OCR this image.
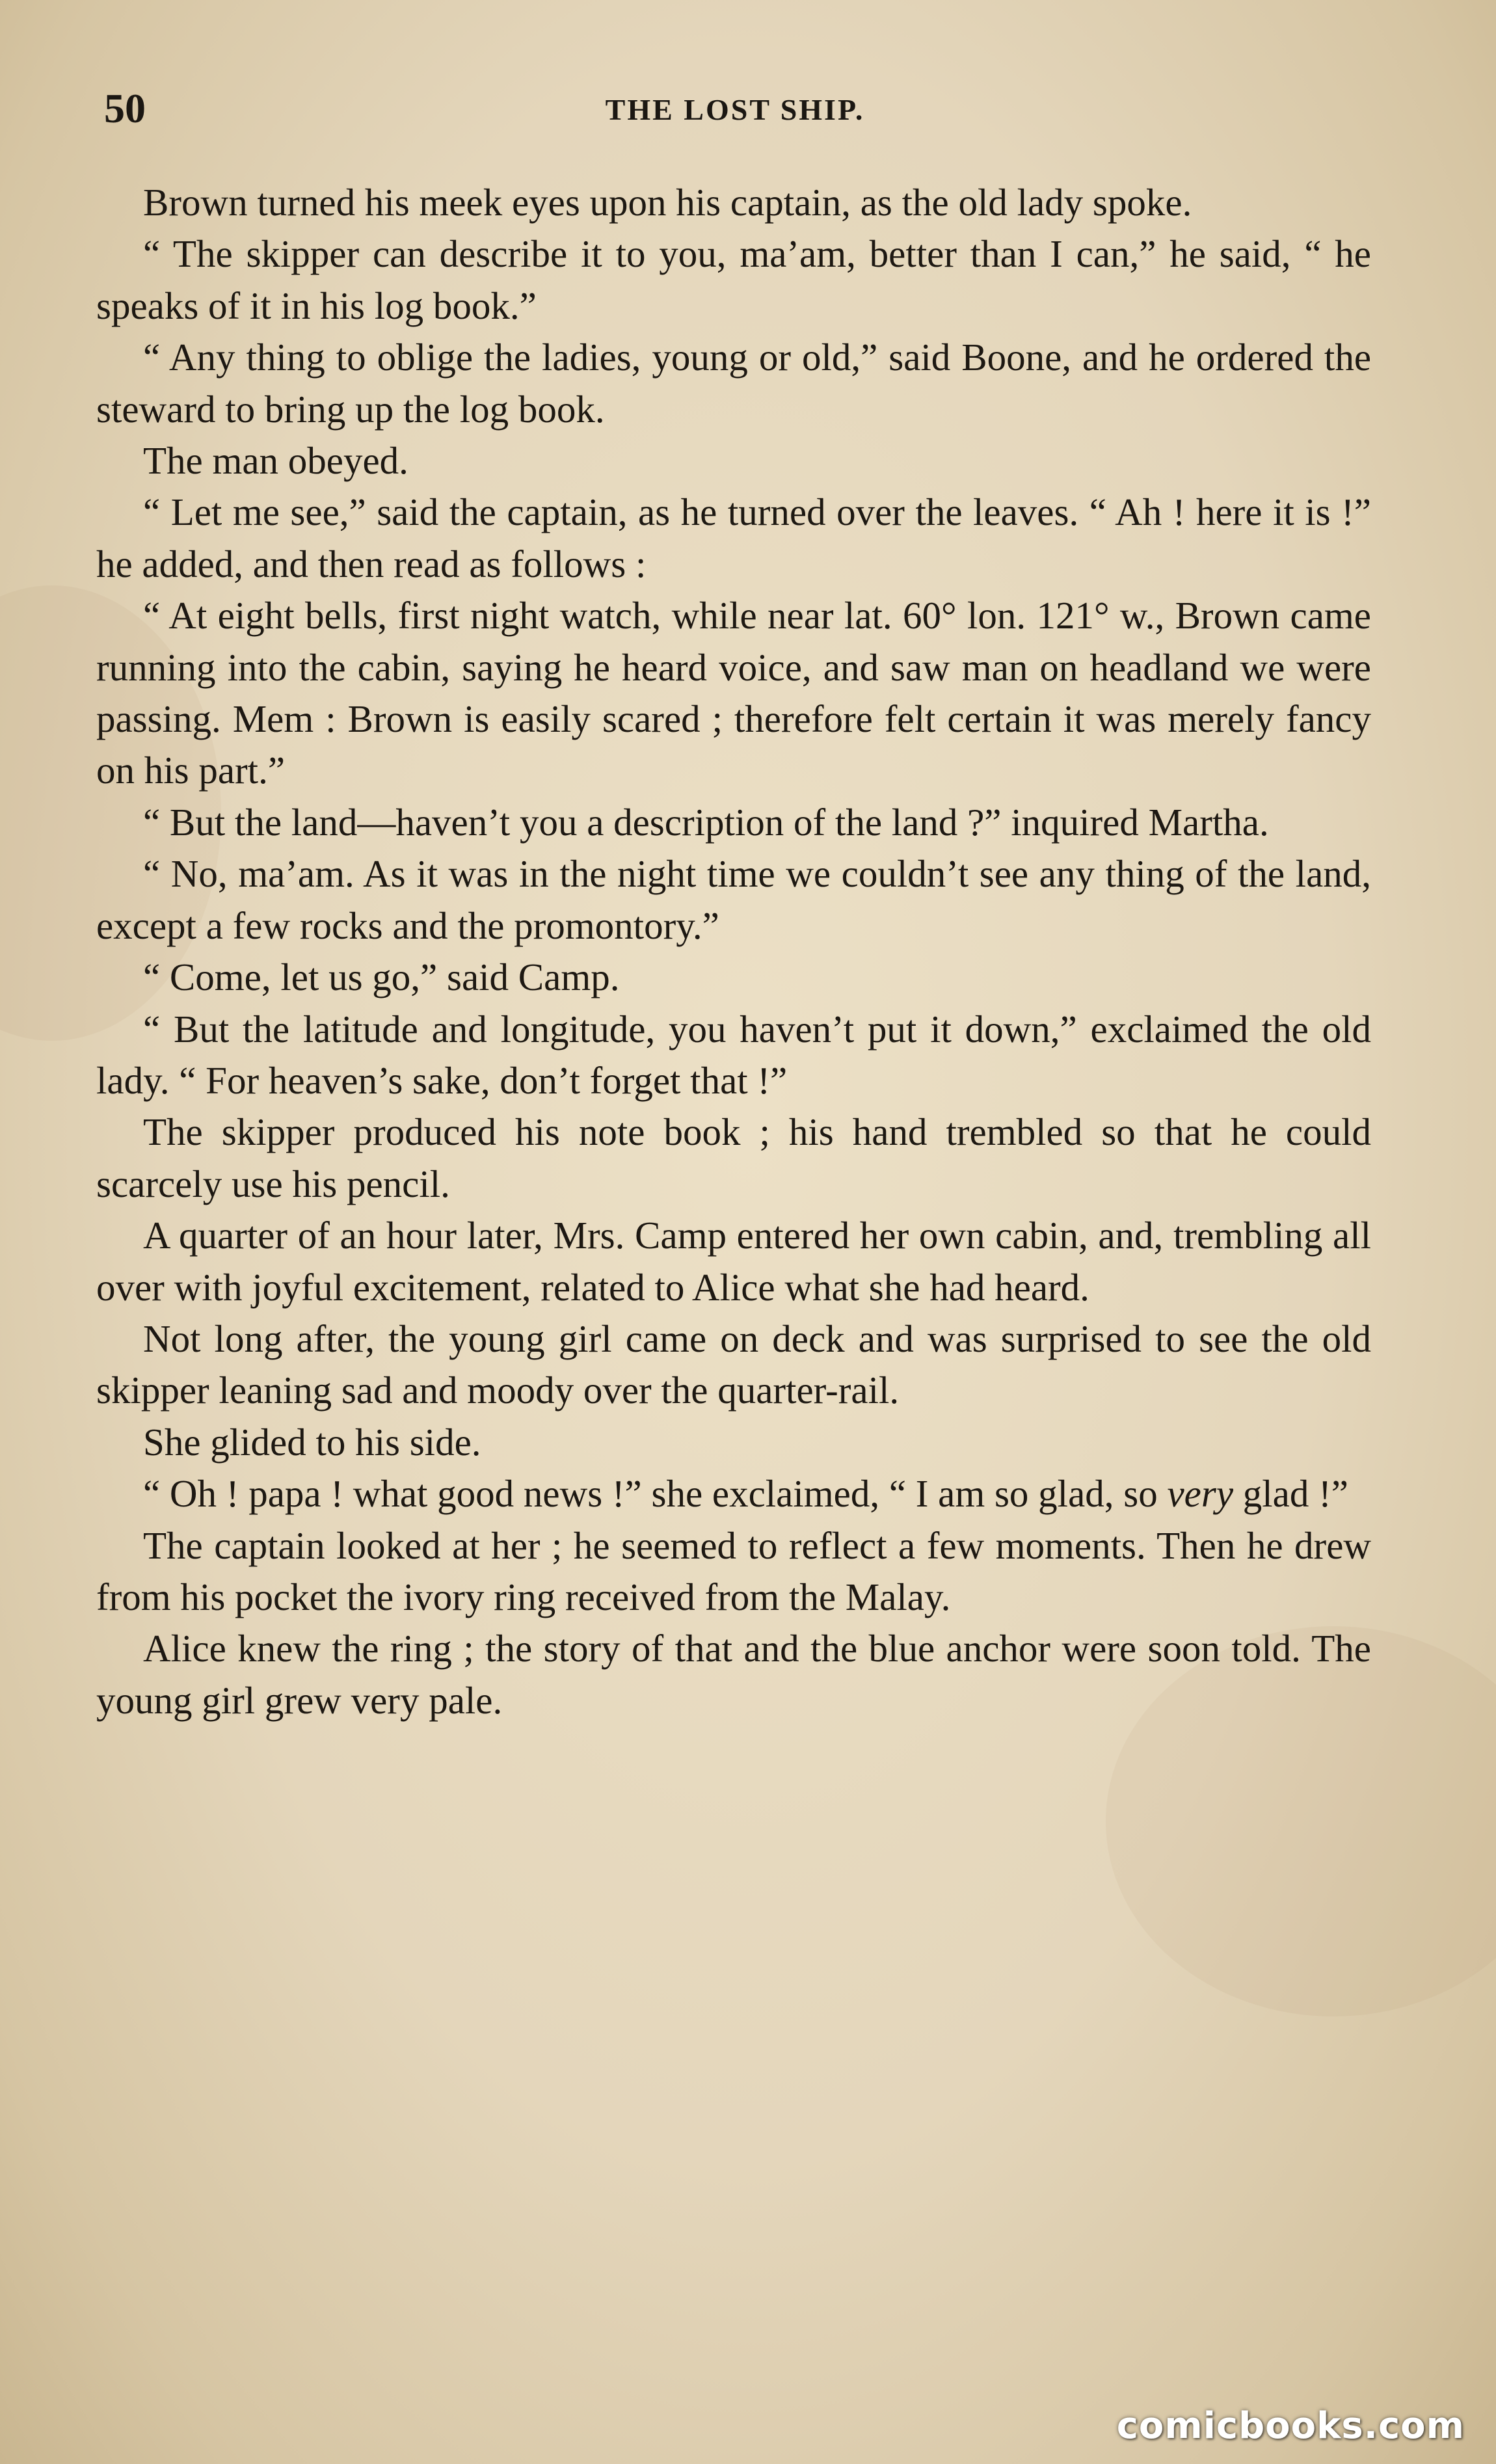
50	THE LOST SHIP.

Brown turned his meek eyes upon his captain, as the old lady spoke.

“ The skipper can describe it to you, ma’am, better than I can,” he said, “ he speaks of it in his log book.”

“ Any thing to oblige the ladies, young or old,” said Boone, and he ordered the steward to bring up the log book.

The man obeyed.

“ Let me see,” said the captain, as he turned over the leaves. “ Ah ! here it is !” he added, and then read as follows :

“ At eight bells, first night watch, while near lat. 60° lon. 121° w., Brown came running into the cabin, saying he heard voice, and saw man on headland we were passing. Mem : Brown is easily scared ; therefore felt certain it was merely fancy on his part.”

“ But the land—haven’t you a description of the land ?” inquired Martha.

“ No, ma’am. As it was in the night time we couldn’t see any thing of the land, except a few rocks and the promontory.”

“ Come, let us go,” said Camp.

“ But the latitude and longitude, you haven’t put it down,” exclaimed the old lady. “ For heaven’s sake, don’t forget that !”

The skipper produced his note book ; his hand trembled so that he could scarcely use his pencil.

A quarter of an hour later, Mrs. Camp entered her own cabin, and, trembling all over with joyful excitement, related to Alice what she had heard.

Not long after, the young girl came on deck and was surprised to see the old skipper leaning sad and moody over the quarter-rail.

She glided to his side.

“ Oh ! papa ! what good news !” she exclaimed, “ I am so glad, so very glad !”

The captain looked at her ; he seemed to reflect a few moments. Then he drew from his pocket the ivory ring received from the Malay.

Alice knew the ring ; the story of that and the blue anchor were soon told. The young girl grew very pale.

comicbooks.com
